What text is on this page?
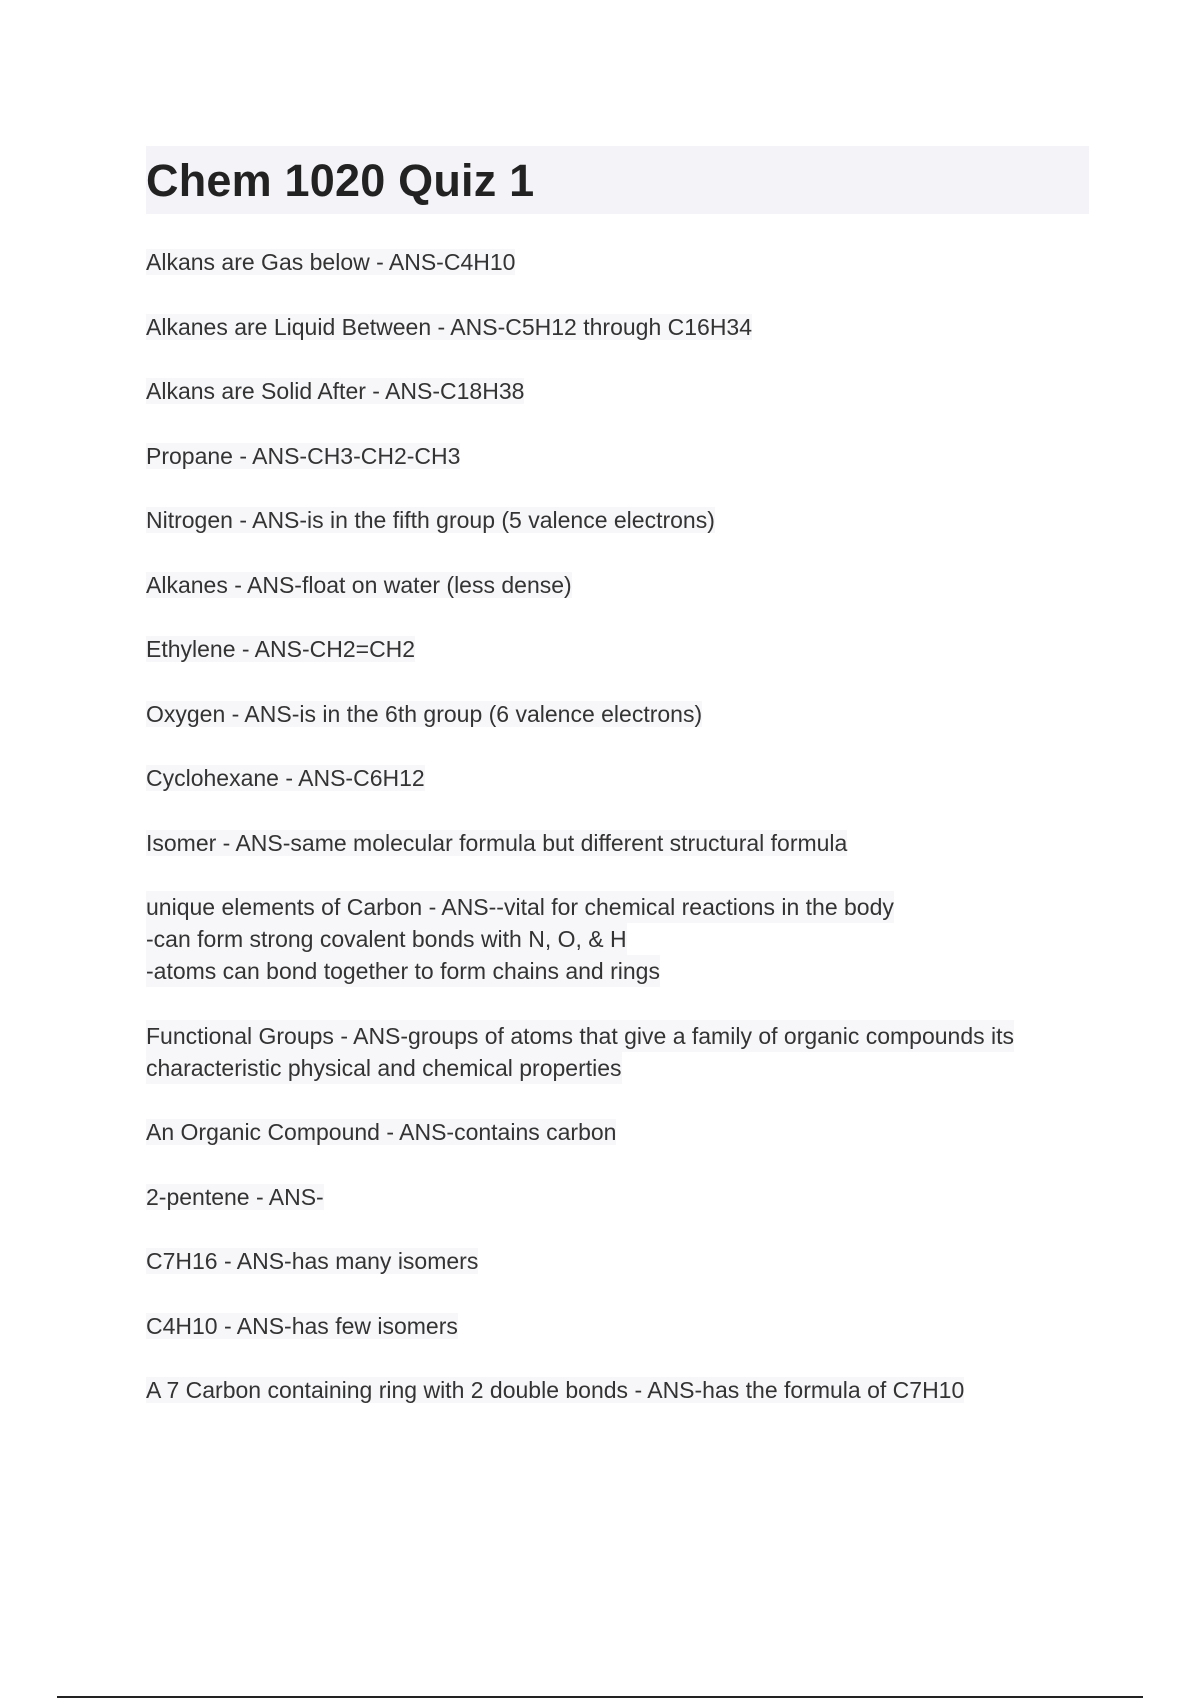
Chem 1020 Quiz 1
Alkans are Gas below - ANS-C4H10
Alkanes are Liquid Between - ANS-C5H12 through C16H34
Alkans are Solid After - ANS-C18H38
Propane - ANS-CH3-CH2-CH3
Nitrogen - ANS-is in the fifth group (5 valence electrons)
Alkanes - ANS-float on water (less dense)
Ethylene - ANS-CH2=CH2
Oxygen - ANS-is in the 6th group (6 valence electrons)
Cyclohexane - ANS-C6H12
Isomer - ANS-same molecular formula but different structural formula
unique elements of Carbon - ANS--vital for chemical reactions in the body
-can form strong covalent bonds with N, O, & H
-atoms can bond together to form chains and rings
Functional Groups - ANS-groups of atoms that give a family of organic compounds its
characteristic physical and chemical properties
An Organic Compound - ANS-contains carbon
2-pentene - ANS-
C7H16 - ANS-has many isomers
C4H10 - ANS-has few isomers
A 7 Carbon containing ring with 2 double bonds - ANS-has the formula of C7H10
